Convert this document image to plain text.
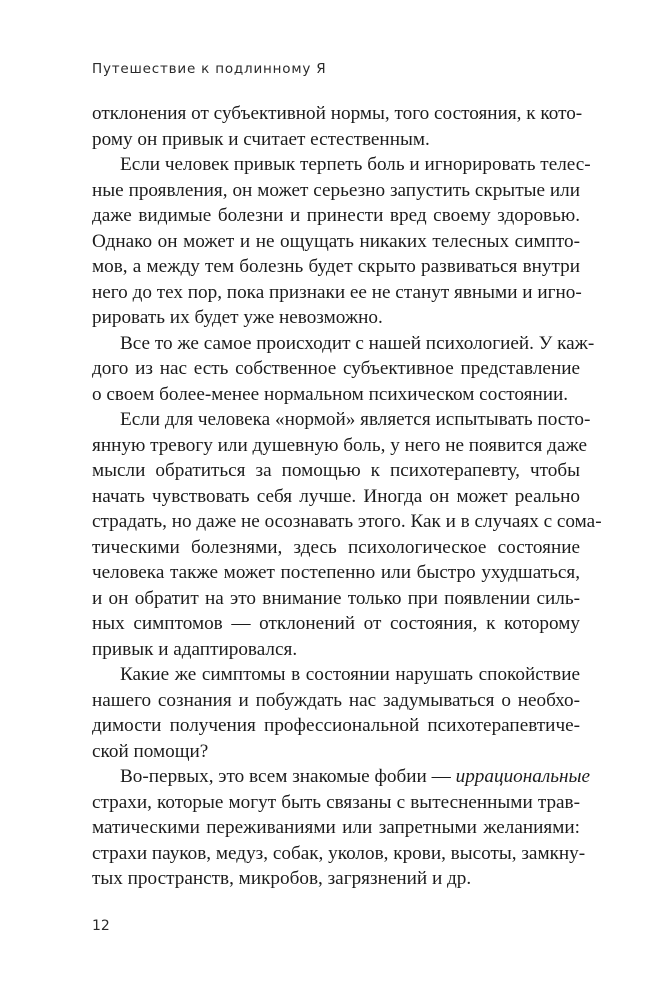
Путешествие к подлинному Я
отклонения от субъективной нормы, того состояния, к кото-
рому он привык и считает естественным.
Если человек привык терпеть боль и игнорировать телес-
ные проявления, он может серьезно запустить скрытые или
даже видимые болезни и принести вред своему здоровью.
Однако он может и не ощущать никаких телесных симпто-
мов, а между тем болезнь будет скрыто развиваться внутри
него до тех пор, пока признаки ее не станут явными и игно-
рировать их будет уже невозможно.
Все то же самое происходит с нашей психологией. У каж-
дого из нас есть собственное субъективное представление
о своем более-менее нормальном психическом состоянии.
Если для человека «нормой» является испытывать посто-
янную тревогу или душевную боль, у него не появится даже
мысли обратиться за помощью к психотерапевту, чтобы
начать чувствовать себя лучше. Иногда он может реально
страдать, но даже не осознавать этого. Как и в случаях с сома-
тическими болезнями, здесь психологическое состояние
человека также может постепенно или быстро ухудшаться,
и он обратит на это внимание только при появлении силь-
ных симптомов — отклонений от состояния, к которому
привык и адаптировался.
Какие же симптомы в состоянии нарушать спокойствие
нашего сознания и побуждать нас задумываться о необхо-
димости получения профессиональной психотерапевтиче-
ской помощи?
Во-первых, это всем знакомые фобии — иррациональные
страхи, которые могут быть связаны с вытесненными трав-
матическими переживаниями или запретными желаниями:
страхи пауков, медуз, собак, уколов, крови, высоты, замкну-
тых пространств, микробов, загрязнений и др.
12
